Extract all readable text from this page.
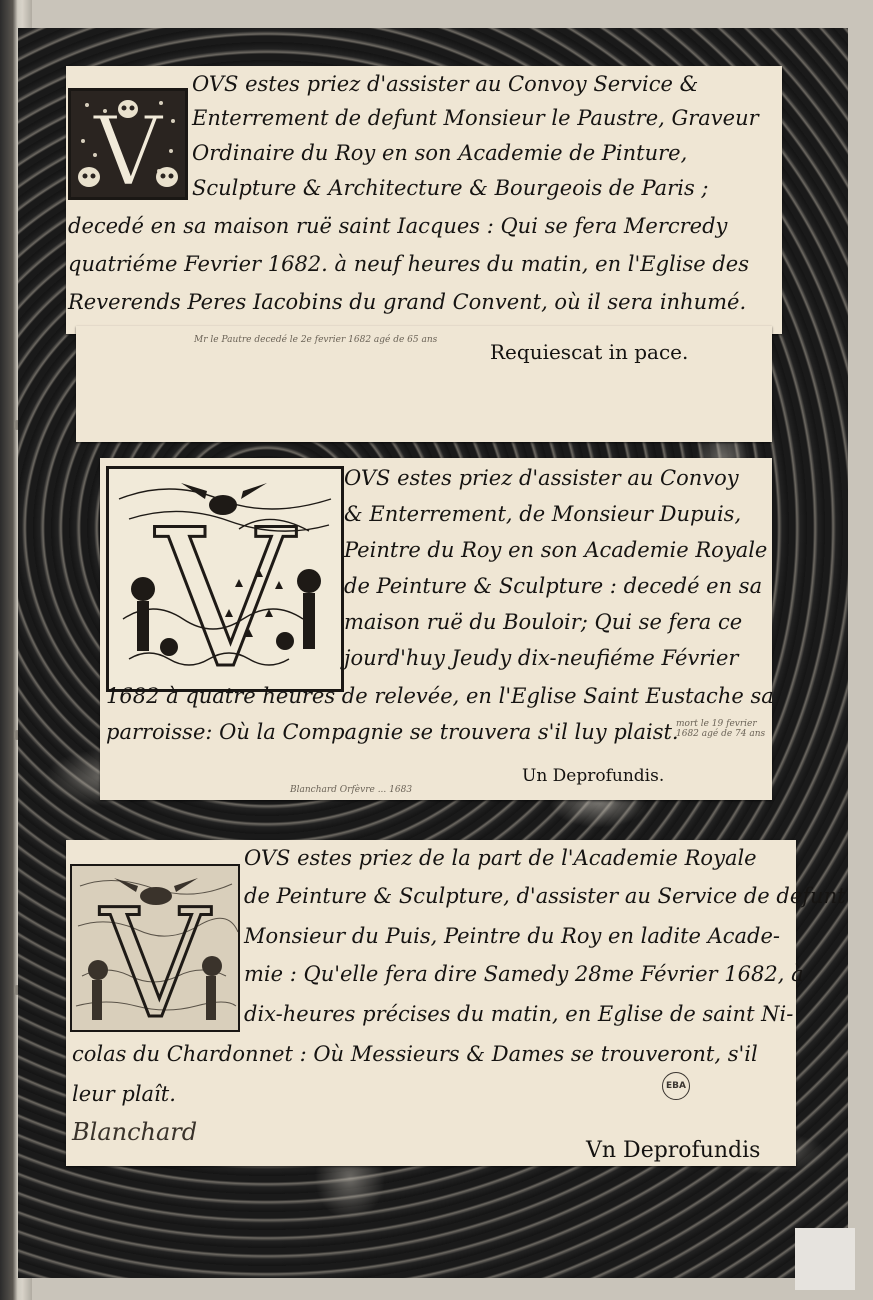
V

OVS estes priez d'assister au Convoy Service &

Enterrement de defunt Monsieur le Paustre, Graveur

Ordinaire du Roy en son Academie de Pinture,

Sculpture & Architecture & Bourgeois de Paris ;

decedé en sa maison ruë saint Iacques : Qui se fera Mercredy

quatriéme Fevrier 1682. à neuf heures du matin, en l'Eglise des

Reverends Peres Iacobins du grand Convent, où il sera inhumé.

Mr le Pautre decedé le 2e fevrier 1682 agé de 65 ans	Requiescat in pace.
V

OVS estes priez d'assister au Convoy

& Enterrement, de Monsieur Dupuis,

Peintre du Roy en son Academie Royale

de Peinture & Sculpture : decedé en sa

maison ruë du Bouloir; Qui se fera ce

jourd'huy Jeudy dix-neufiéme Février

1682 à quatre heures de relevée, en l'Eglise Saint Eustache sa

parroisse: Où la Compagnie se trouvera s'il luy plaist.

mort le 19 fevrier 1682 agé de 74 ans
Blanchard Orfèvre ... 1683
Un Deprofundis.
V

OVS estes priez de la part de l'Academie Royale

de Peinture & Sculpture, d'assister au Service de defunt

Monsieur du Puis, Peintre du Roy en ladite Acade-

mie : Qu'elle fera dire Samedy 28me Février 1682, à

dix-heures précises du matin, en Eglise de saint Ni-

colas du Chardonnet : Où Messieurs & Dames se trouveront, s'il

leur plaît.	EBA
Blanchard
Vn Deprofundis
